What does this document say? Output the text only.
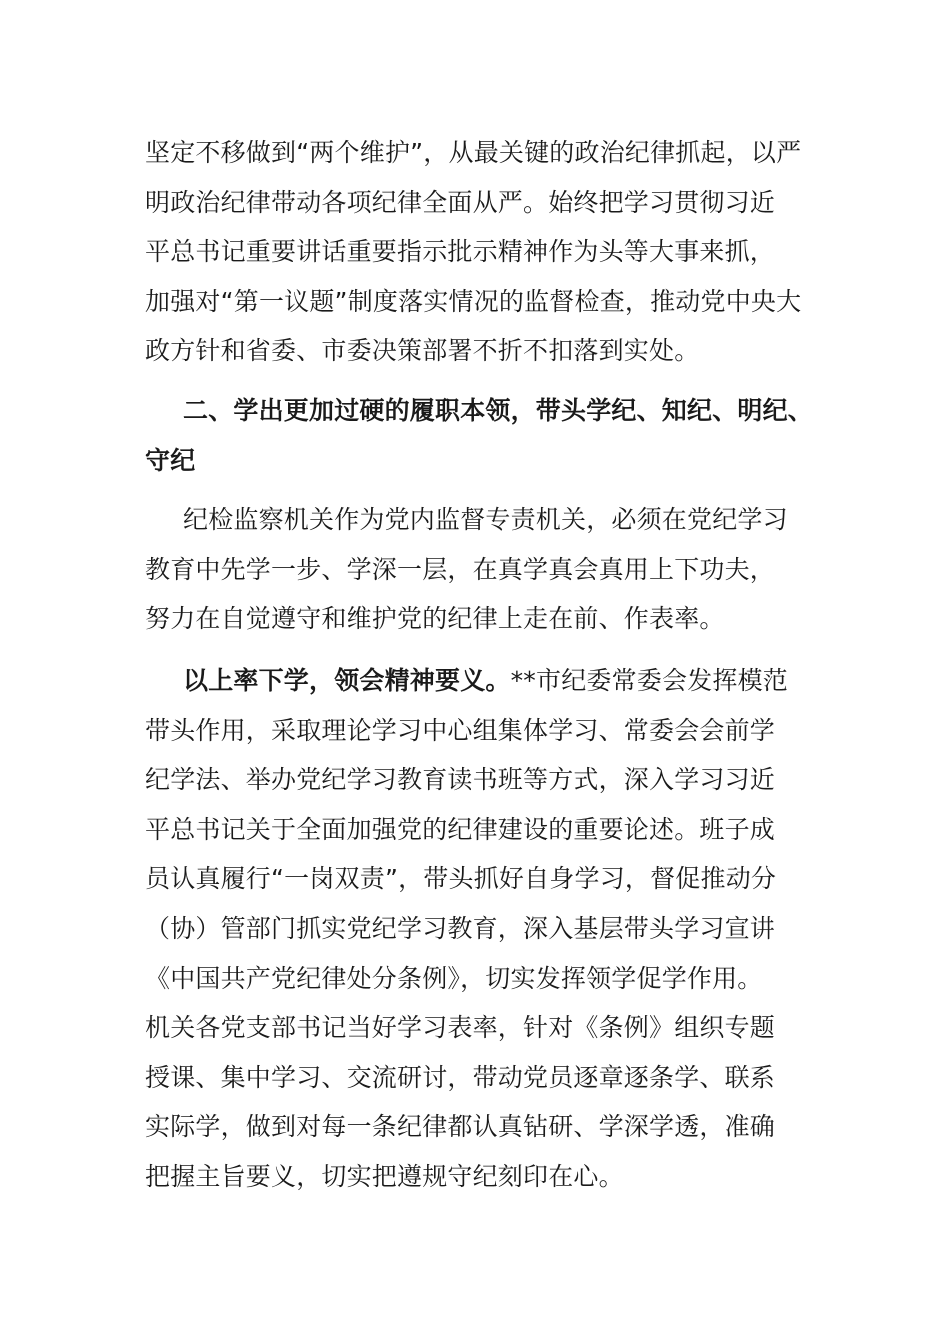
坚定不移做到“两个维护”，从最关键的政治纪律抓起，以严
明政治纪律带动各项纪律全面从严。始终把学习贯彻习近
平总书记重要讲话重要指示批示精神作为头等大事来抓，
加强对“第一议题”制度落实情况的监督检查，推动党中央大
政方针和省委、市委决策部署不折不扣落到实处。
二、学出更加过硬的履职本领，带头学纪、知纪、明纪、
守纪
纪检监察机关作为党内监督专责机关，必须在党纪学习
教育中先学一步、学深一层，在真学真会真用上下功夫，
努力在自觉遵守和维护党的纪律上走在前、作表率。
以上率下学，领会精神要义。**市纪委常委会发挥模范
带头作用，采取理论学习中心组集体学习、常委会会前学
纪学法、举办党纪学习教育读书班等方式，深入学习习近
平总书记关于全面加强党的纪律建设的重要论述。班子成
员认真履行“一岗双责”，带头抓好自身学习，督促推动分
（协）管部门抓实党纪学习教育，深入基层带头学习宣讲
《中国共产党纪律处分条例》，切实发挥领学促学作用。
机关各党支部书记当好学习表率，针对《条例》组织专题
授课、集中学习、交流研讨，带动党员逐章逐条学、联系
实际学，做到对每一条纪律都认真钻研、学深学透，准确
把握主旨要义，切实把遵规守纪刻印在心。
